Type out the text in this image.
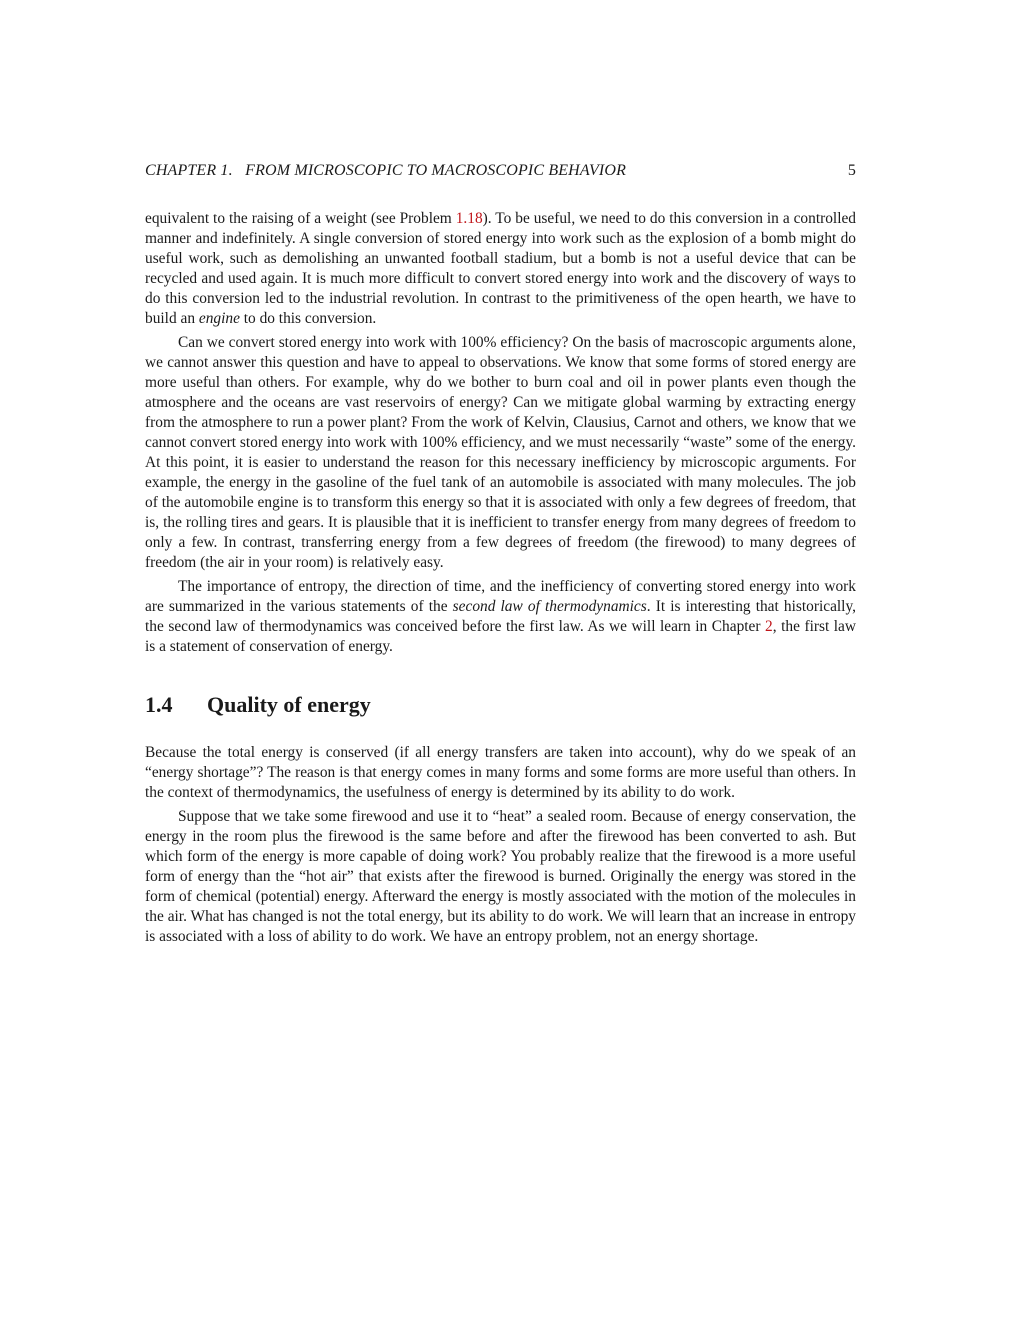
CHAPTER 1. FROM MICROSCOPIC TO MACROSCOPIC BEHAVIOR	5

equivalent to the raising of a weight (see Problem 1.18). To be useful, we need to do this conversion in a controlled manner and indefinitely. A single conversion of stored energy into work such as the explosion of a bomb might do useful work, such as demolishing an unwanted football stadium, but a bomb is not a useful device that can be recycled and used again. It is much more difficult to convert stored energy into work and the discovery of ways to do this conversion led to the industrial revolution. In contrast to the primitiveness of the open hearth, we have to build an engine to do this conversion.

Can we convert stored energy into work with 100% efficiency? On the basis of macroscopic arguments alone, we cannot answer this question and have to appeal to observations. We know that some forms of stored energy are more useful than others. For example, why do we bother to burn coal and oil in power plants even though the atmosphere and the oceans are vast reservoirs of energy? Can we mitigate global warming by extracting energy from the atmosphere to run a power plant? From the work of Kelvin, Clausius, Carnot and others, we know that we cannot convert stored energy into work with 100% efficiency, and we must necessarily “waste” some of the energy. At this point, it is easier to understand the reason for this necessary inefficiency by microscopic arguments. For example, the energy in the gasoline of the fuel tank of an automobile is associated with many molecules. The job of the automobile engine is to transform this energy so that it is associated with only a few degrees of freedom, that is, the rolling tires and gears. It is plausible that it is inefficient to transfer energy from many degrees of freedom to only a few. In contrast, transferring energy from a few degrees of freedom (the firewood) to many degrees of freedom (the air in your room) is relatively easy.

The importance of entropy, the direction of time, and the inefficiency of converting stored energy into work are summarized in the various statements of the second law of thermodynamics. It is interesting that historically, the second law of thermodynamics was conceived before the first law. As we will learn in Chapter 2, the first law is a statement of conservation of energy.

1.4 Quality of energy

Because the total energy is conserved (if all energy transfers are taken into account), why do we speak of an “energy shortage”? The reason is that energy comes in many forms and some forms are more useful than others. In the context of thermodynamics, the usefulness of energy is determined by its ability to do work.

Suppose that we take some firewood and use it to “heat” a sealed room. Because of energy conservation, the energy in the room plus the firewood is the same before and after the firewood has been converted to ash. But which form of the energy is more capable of doing work? You probably realize that the firewood is a more useful form of energy than the “hot air” that exists after the firewood is burned. Originally the energy was stored in the form of chemical (potential) energy. Afterward the energy is mostly associated with the motion of the molecules in the air. What has changed is not the total energy, but its ability to do work. We will learn that an increase in entropy is associated with a loss of ability to do work. We have an entropy problem, not an energy shortage.
